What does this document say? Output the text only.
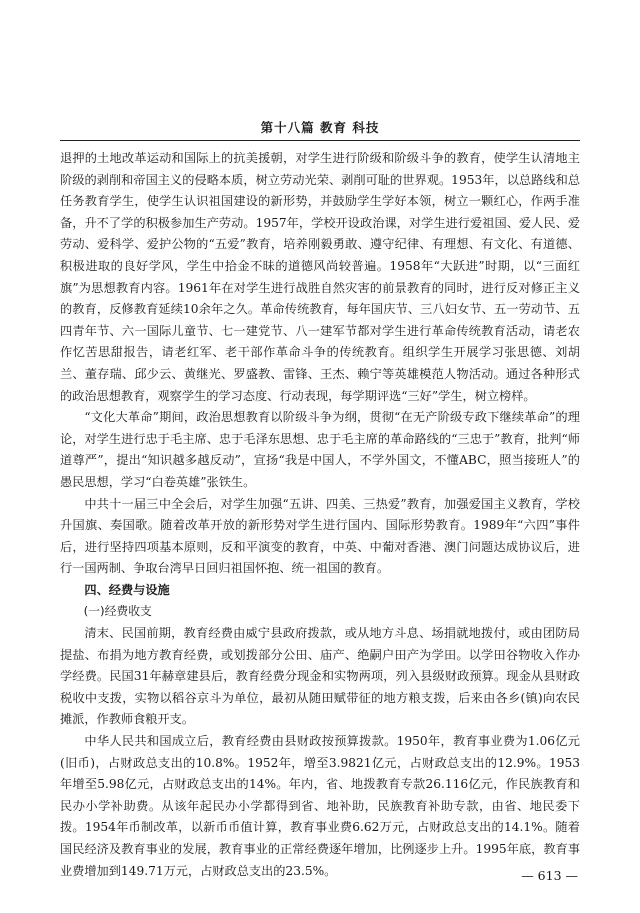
第十八篇 教育 科技

退押的土地改革运动和国际上的抗美援朝，对学生进行阶级和阶级斗争的教育，使学生认清地主阶级的剥削和帝国主义的侵略本质，树立劳动光荣、剥削可耻的世界观。1953年，以总路线和总任务教育学生，使学生认识祖国建设的新形势，并鼓励学生学好本领，树立一颗红心，作两手准备，升不了学的积极参加生产劳动。1957年，学校开设政治课，对学生进行爱祖国、爱人民、爱劳动、爱科学、爱护公物的“五爱”教育，培养刚毅勇敢、遵守纪律、有理想、有文化、有道德、积极进取的良好学风，学生中拾金不昧的道德风尚较普遍。1958年“大跃进”时期，以“三面红旗”为思想教育内容。1961年在对学生进行战胜自然灾害的前景教育的同时，进行反对修正主义的教育，反修教育延续10余年之久。革命传统教育，每年国庆节、三八妇女节、五一劳动节、五四青年节、六一国际儿童节、七一建党节、八一建军节都对学生进行革命传统教育活动，请老农作忆苦思甜报告，请老红军、老干部作革命斗争的传统教育。组织学生开展学习张思德、刘胡兰、董存瑞、邱少云、黄继光、罗盛教、雷锋、王杰、赖宁等英雄模范人物活动。通过各种形式的政治思想教育，观察学生的学习态度、行动表现，每学期评选“三好”学生，树立榜样。

“文化大革命”期间，政治思想教育以阶级斗争为纲，贯彻“在无产阶级专政下继续革命”的理论，对学生进行忠于毛主席、忠于毛泽东思想、忠于毛主席的革命路线的“三忠于”教育，批判“师道尊严”，提出“知识越多越反动”，宣扬“我是中国人，不学外国文，不懂ABC，照当接班人”的愚民思想，学习“白卷英雄”张铁生。

中共十一届三中全会后，对学生加强“五讲、四美、三热爱”教育，加强爱国主义教育，学校升国旗、奏国歌。随着改革开放的新形势对学生进行国内、国际形势教育。1989年“六四”事件后，进行坚持四项基本原则，反和平演变的教育，中英、中葡对香港、澳门问题达成协议后，进行一国两制、争取台湾早日回归祖国怀抱、统一祖国的教育。

四、经费与设施
(一)经费收支

清末、民国前期，教育经费由威宁县政府拨款，或从地方斗息、场捐就地拨付，或由团防局提盐、布捐为地方教育经费，或划拨部分公田、庙产、绝嗣户田产为学田。以学田谷物收入作办学经费。民国31年赫章建县后，教育经费分现金和实物两项，列入县级财政预算。现金从县财政税收中支拨，实物以稻谷京斗为单位，最初从随田赋带征的地方粮支拨，后来由各乡(镇)向农民摊派，作教师食粮开支。

中华人民共和国成立后，教育经费由县财政按预算拨款。1950年，教育事业费为1.06亿元(旧币)，占财政总支出的10.8%。1952年，增至3.9821亿元，占财政总支出的12.9%。1953年增至5.98亿元，占财政总支出的14%。年内，省、地拨教育专款26.116亿元，作民族教育和民办小学补助费。从该年起民办小学都得到省、地补助，民族教育补助专款，由省、地民委下拨。1954年币制改革，以新币币值计算，教育事业费6.62万元，占财政总支出的14.1%。随着国民经济及教育事业的发展，教育事业的正常经费逐年增加，比例逐步上升。1995年底，教育事业费增加到149.71万元，占财政总支出的23.5%。	— 613 —
